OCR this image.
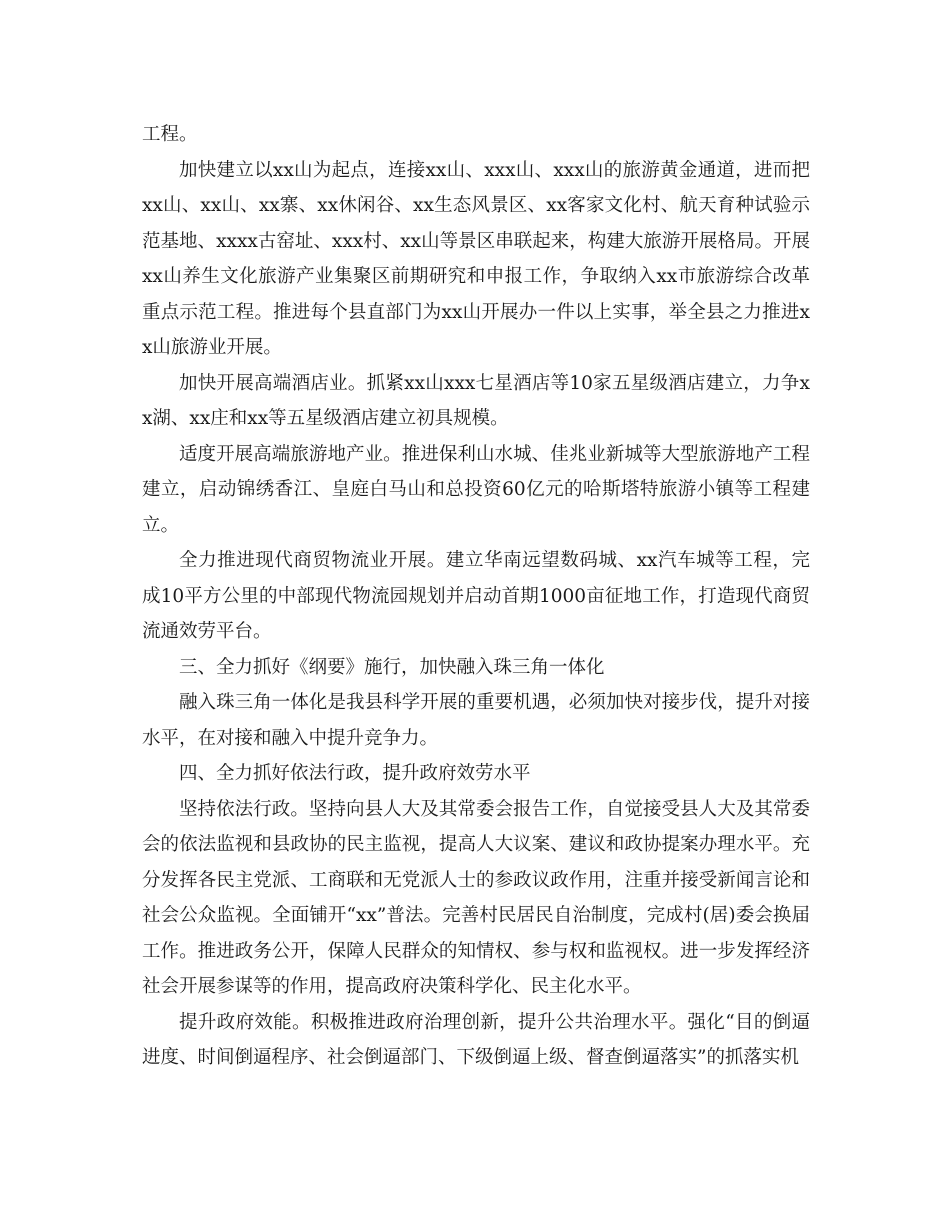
工程。

加快建立以xx山为起点，连接xx山、xxx山、xxx山的旅游黄金通道，进而把xx山、xx山、xx寨、xx休闲谷、xx生态风景区、xx客家文化村、航天育种试验示范基地、xxxx古窑址、xxx村、xx山等景区串联起来，构建大旅游开展格局。开展xx山养生文化旅游产业集聚区前期研究和申报工作，争取纳入xx市旅游综合改革重点示范工程。推进每个县直部门为xx山开展办一件以上实事，举全县之力推进xx山旅游业开展。

加快开展高端酒店业。抓紧xx山xxx七星酒店等10家五星级酒店建立，力争xx湖、xx庄和xx等五星级酒店建立初具规模。

适度开展高端旅游地产业。推进保利山水城、佳兆业新城等大型旅游地产工程建立，启动锦绣香江、皇庭白马山和总投资60亿元的哈斯塔特旅游小镇等工程建立。

全力推进现代商贸物流业开展。建立华南远望数码城、xx汽车城等工程，完成10平方公里的中部现代物流园规划并启动首期1000亩征地工作，打造现代商贸流通效劳平台。

三、全力抓好《纲要》施行，加快融入珠三角一体化

融入珠三角一体化是我县科学开展的重要机遇，必须加快对接步伐，提升对接水平，在对接和融入中提升竞争力。

四、全力抓好依法行政，提升政府效劳水平

坚持依法行政。坚持向县人大及其常委会报告工作，自觉接受县人大及其常委会的依法监视和县政协的民主监视，提高人大议案、建议和政协提案办理水平。充分发挥各民主党派、工商联和无党派人士的参政议政作用，注重并接受新闻言论和社会公众监视。全面铺开“xx”普法。完善村民居民自治制度，完成村(居)委会换届工作。推进政务公开，保障人民群众的知情权、参与权和监视权。进一步发挥经济社会开展参谋等的作用，提高政府决策科学化、民主化水平。

提升政府效能。积极推进政府治理创新，提升公共治理水平。强化“目的倒逼进度、时间倒逼程序、社会倒逼部门、下级倒逼上级、督查倒逼落实”的抓落实机
